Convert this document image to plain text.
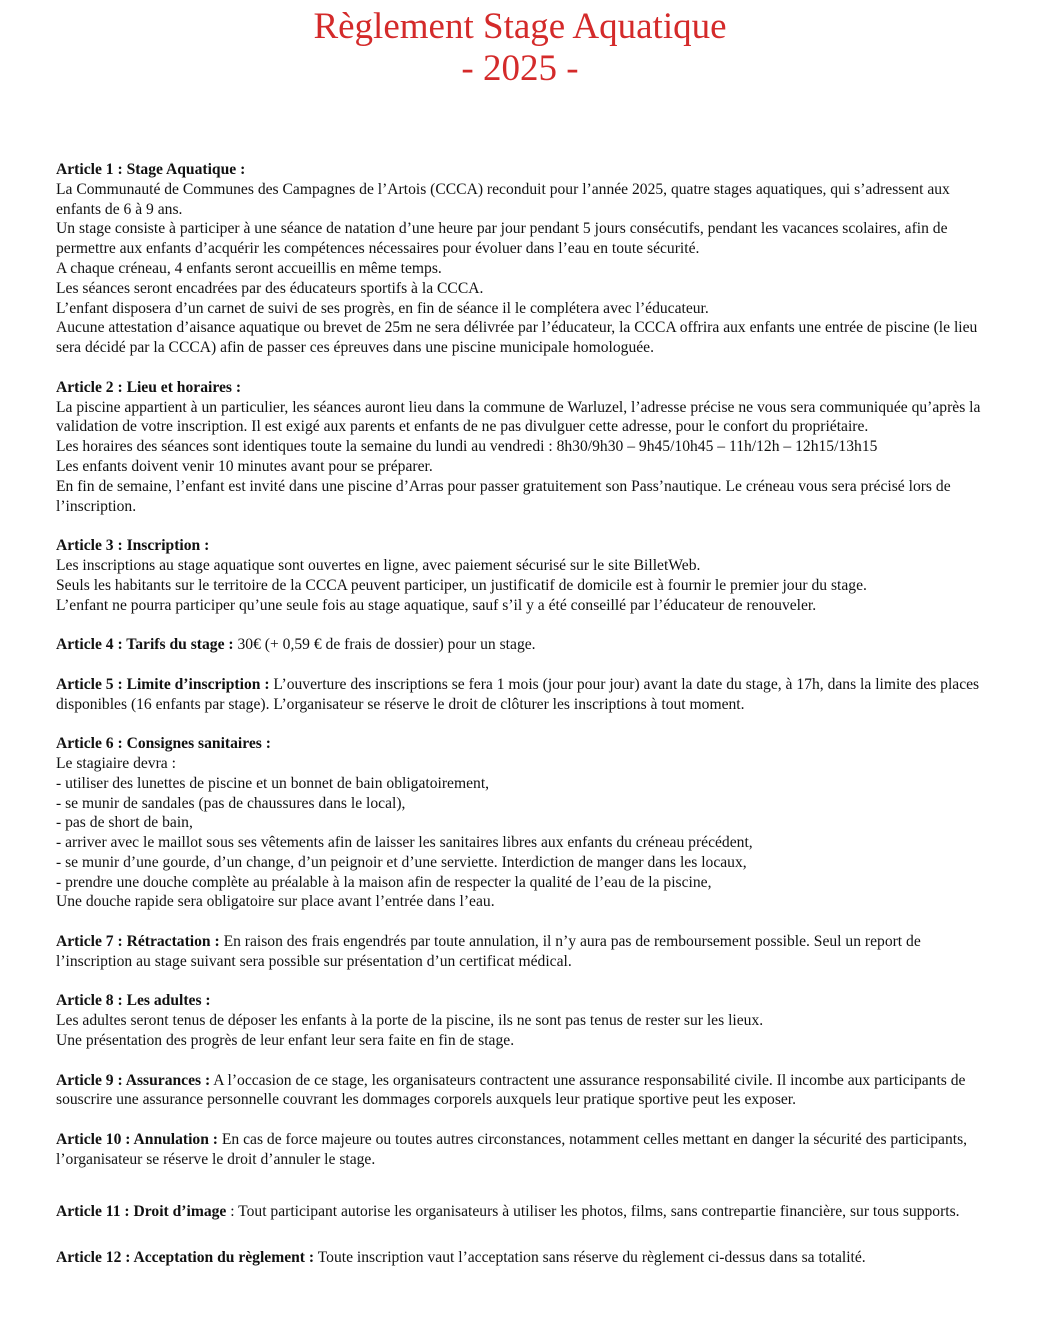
Règlement Stage Aquatique
- 2025 -

Article 1 : Stage Aquatique :

La Communauté de Communes des Campagnes de l’Artois (CCCA) reconduit pour l’année 2025, quatre stages aquatiques, qui s’adressent aux enfants de 6 à 9 ans.

Un stage consiste à participer à une séance de natation d’une heure par jour pendant 5 jours consécutifs, pendant les vacances scolaires, afin de permettre aux enfants d’acquérir les compétences nécessaires pour évoluer dans l’eau en toute sécurité.

A chaque créneau, 4 enfants seront accueillis en même temps.

Les séances seront encadrées par des éducateurs sportifs à la CCCA.

L’enfant disposera d’un carnet de suivi de ses progrès, en fin de séance il le complétera avec l’éducateur.

Aucune attestation d’aisance aquatique ou brevet de 25m ne sera délivrée par l’éducateur, la CCCA offrira aux enfants une entrée de piscine (le lieu sera décidé par la CCCA) afin de passer ces épreuves dans une piscine municipale homologuée.

Article 2 : Lieu et horaires :

La piscine appartient à un particulier, les séances auront lieu dans la commune de Warluzel, l’adresse précise ne vous sera communiquée qu’après la validation de votre inscription. Il est exigé aux parents et enfants de ne pas divulguer cette adresse, pour le confort du propriétaire.

Les horaires des séances sont identiques toute la semaine du lundi au vendredi : 8h30/9h30 – 9h45/10h45 – 11h/12h – 12h15/13h15

Les enfants doivent venir 10 minutes avant pour se préparer.

En fin de semaine, l’enfant est invité dans une piscine d’Arras pour passer gratuitement son Pass’nautique. Le créneau vous sera précisé lors de l’inscription.

Article 3 : Inscription :

Les inscriptions au stage aquatique sont ouvertes en ligne, avec paiement sécurisé sur le site BilletWeb.

Seuls les habitants sur le territoire de la CCCA peuvent participer, un justificatif de domicile est à fournir le premier jour du stage.

L’enfant ne pourra participer qu’une seule fois au stage aquatique, sauf s’il y a été conseillé par l’éducateur de renouveler.

Article 4 : Tarifs du stage : 30€ (+ 0,59 € de frais de dossier) pour un stage.

Article 5 : Limite d’inscription : L’ouverture des inscriptions se fera 1 mois (jour pour jour) avant la date du stage, à 17h, dans la limite des places disponibles (16 enfants par stage). L’organisateur se réserve le droit de clôturer les inscriptions à tout moment.

Article 6 : Consignes sanitaires :

Le stagiaire devra :

- utiliser des lunettes de piscine et un bonnet de bain obligatoirement,

- se munir de sandales (pas de chaussures dans le local),

- pas de short de bain,

- arriver avec le maillot sous ses vêtements afin de laisser les sanitaires libres aux enfants du créneau précédent,

- se munir d’une gourde, d’un change, d’un peignoir et d’une serviette. Interdiction de manger dans les locaux,

- prendre une douche complète au préalable à la maison afin de respecter la qualité de l’eau de la piscine,

Une douche rapide sera obligatoire sur place avant l’entrée dans l’eau.

Article 7 : Rétractation : En raison des frais engendrés par toute annulation, il n’y aura pas de remboursement possible. Seul un report de l’inscription au stage suivant sera possible sur présentation d’un certificat médical.

Article 8 : Les adultes :

Les adultes seront tenus de déposer les enfants à la porte de la piscine, ils ne sont pas tenus de rester sur les lieux.

Une présentation des progrès de leur enfant leur sera faite en fin de stage.

Article 9 : Assurances : A l’occasion de ce stage, les organisateurs contractent une assurance responsabilité civile. Il incombe aux participants de souscrire une assurance personnelle couvrant les dommages corporels auxquels leur pratique sportive peut les exposer.

Article 10 : Annulation : En cas de force majeure ou toutes autres circonstances, notamment celles mettant en danger la sécurité des participants, l’organisateur se réserve le droit d’annuler le stage.

Article 11 : Droit d’image : Tout participant autorise les organisateurs à utiliser les photos, films, sans contrepartie financière, sur tous supports.

Article 12 : Acceptation du règlement : Toute inscription vaut l’acceptation sans réserve du règlement ci-dessus dans sa totalité.
